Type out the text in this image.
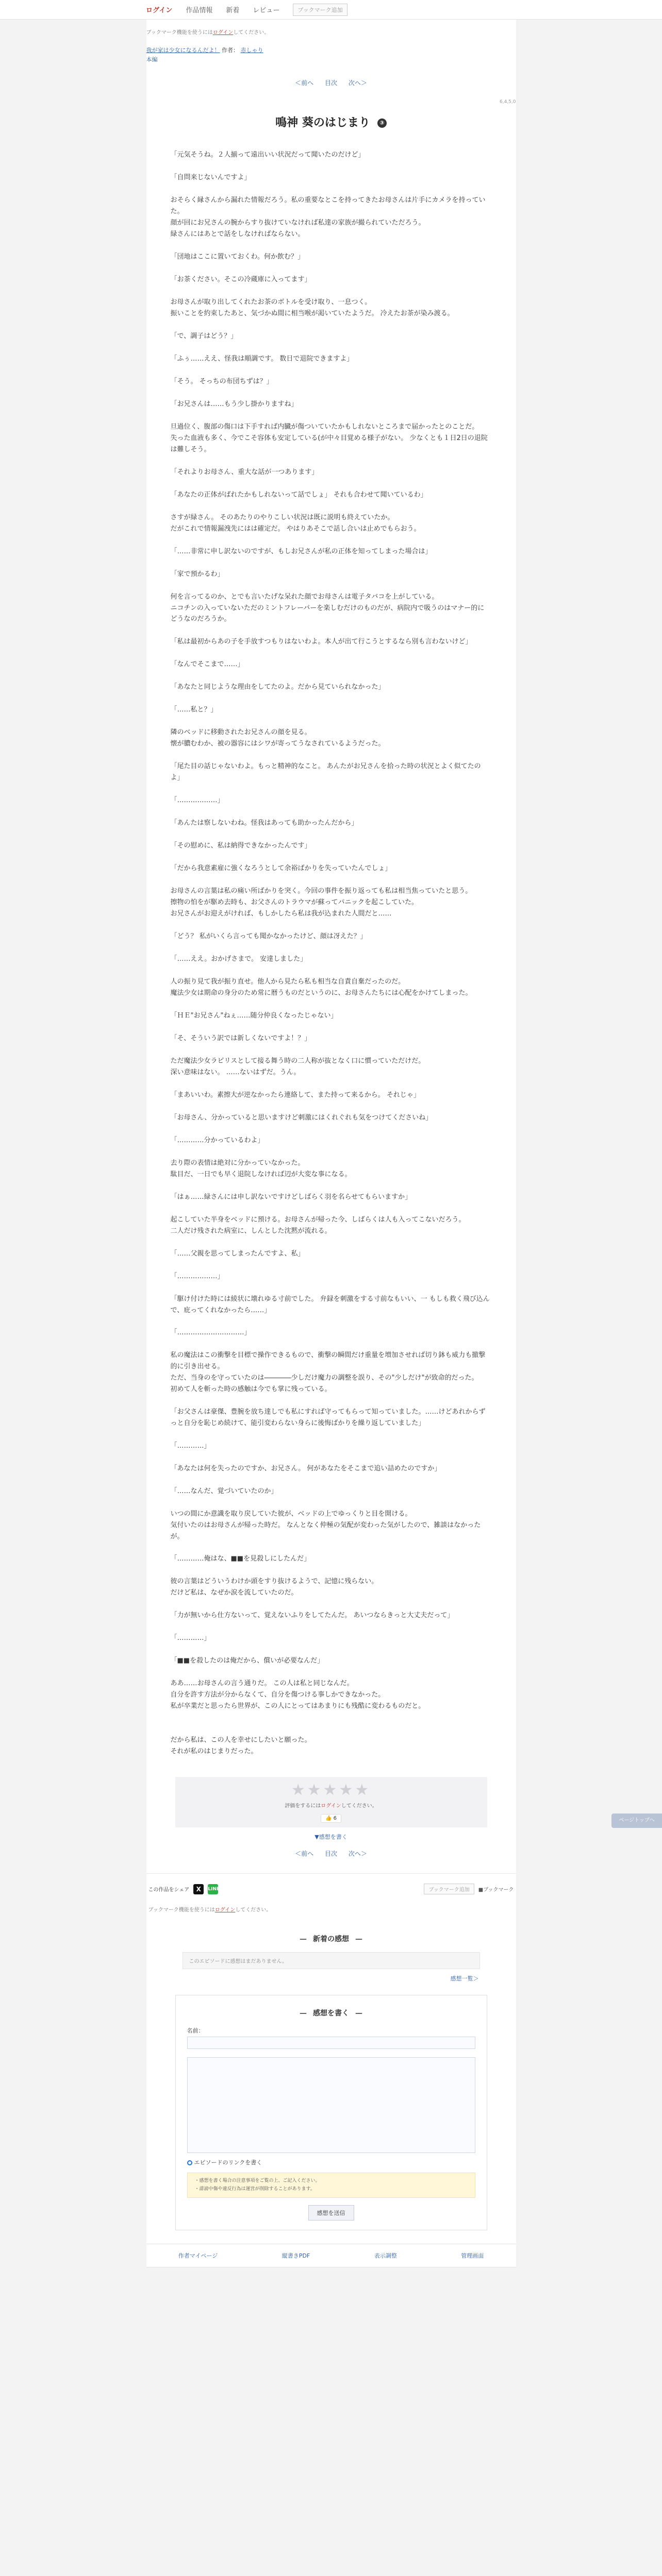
ログイン 作品情報 新着 レビュー	ブックマーク追加
ブックマーク機能を使うにはログインしてください。
我が家は少女になるんだよ！ 作者： 赤しゃり
本編
＜前へ 目次 次へ＞
6,4,5,0
鳴神 葵のはじまり ③

「元気そうね。２人揃って遠出いい状況だって聞いたのだけど」

「自問来じないんですよ」

おそらく縁さんから漏れた情報だろう。私の重要なとこを持ってきたお母さんは片手にカメラを持っていた。

顔が回にお兄さんの腕からすり抜けていなければ私達の家族が撮られていただろう。

緑さんにはあとで話をしなければならない。

「団地はここに置いておくわ。何か飲む？」

「お茶ください。そこの冷蔵庫に入ってます」

お母さんが取り出してくれたお茶のボトルを受け取り、一息つく。

振いことを約束したあと、気づかぬ間に相当喉が渇いていたようだ。 冷えたお茶が染み渡る。

「で、調子はどう？」

「ふぅ……ええ、怪我は順調です。 数日で退院できますよ」

「そう。 そっちの布団ちずは？」

「お兄さんは……もう少し掛かりますね」

旦過位く、腹部の傷口は下手すれば内臓が傷ついていたかもしれないところまで届かったとのことだ。

失った血液も多く、今でこそ容体も安定している(が中々目覚める様子がない。 少なくとも１日2日の退院は難しそう。

「それよりお母さん、重大な話が一つあります」

「あなたの正体がばれたかもしれないって話でしょ」 それも合わせて聞いているわ」

さすが緑さん。 そのあたりのやりこしい状況は既に説明も終えていたか。

だがこれで情報漏洩先にはは確定だ。 やはりあそこで話し合いは止めでもらおう。

「……非常に申し訳ないのですが、もしお兄さんが私の正体を知ってしまった場合は」

「家で預かるわ」

何を言ってるのか、とでも言いたげな呆れた顔でお母さんは電子タバコを上がしている。

ニコチンの入っていないただのミントフレーバーを楽しむだけのものだが、病院内で吸うのはマナー的にどうなのだろうか。

「私は最初からあの子を手放すつもりはないわよ。本人が出て行こうとするなら別も言わないけど」

「なんでそこまで……」

「あなたと同じような理由をしてたのよ。だから見ていられなかった」

「……私と？」

隣のベッドに移動されたお兄さんの顔を見る。

懐が膿むわか、被の器容にはシワが寄ってうなされているようだった。

「尾た目の話じゃないわよ。もっと精神的なこと。 あんたがお兄さんを拾った時の状況とよく似てたのよ」

「………………」

「あんたは察しないわね。怪我はあっても助かったんだから」

「その慰めに、私は納得できなかったんです」

「だから我意素雇に強くなろうとして余裕ばかりを失っていたんでしょ」

お母さんの言葉は私の痛い所ばかりを突く。今回の事件を振り返っても私は相当焦っていたと思う。

擦物の怕をが駆め去時も、お父さんのトラウマが蘇ってパニックを起こしていた。

お兄さんがお迎えがければ、もしかしたら私は我が込まれた人間だと……

「どう？ 私がいくら言っても聞かなかったけど、顔は冴えた？」

「……ええ。おかげさまで。 安達しました」

人の振り見て我が振り直せ。他人から見たら私も相当な自責自棄だったのだ。

魔法少女は期命の身分のため常に暦うものだというのに、お母さんたちには心配をかけてしまった。

「ＨＥ"お兄さん"ねぇ……随分仲良くなったじゃない」

「そ、そういう訳では新しくないですよ！？」

ただ魔法少女ラピリスとして接る舞う時の二人称が抜となく口に慣っていただけだ。

深い意味はない。 ……ないはずだ。うん。

「まあいいわ。素擦大が逆なかったら連絡して、また持って来るから。 それじゃ」

「お母さん、分かっていると思いますけど刺激にはくれぐれも気をつけてくださいね」

「…………分かっているわよ」

去り際の表情は絶対に分かっていなかった。

駄目だ、一日でも早く退院しなければ辺が大変な事になる。

「はぁ……緑さんには申し訳ないですけどしばらく羽を名らせてもらいますか」

起こしていた半身をベッドに預ける。お母さんが帰った今、しばらくは人も入ってこないだろう。

二人だけ残された病室に、しんとした沈黙が流れる。

「……父親を思ってしまったんですよ、私」

「………………」

「駆け付けた時には綾状に壊れゆる寸前でした。 弁録を刺激をする寸前なもいい、一 もしも救く飛び込んで、庇ってくれなかったら……」

「…………………………」

私の魔法はこの衝撃を目標で操作できるもので、衝撃の瞬間だけ重量を増加させれば切り鉢も威力も撤撃的に引き出せる。

ただ、当身のを守っていたのは――――少しだけ魔力の調整を誤り、その"少しだけ"が致命的だった。

初めて人を斬った時の感触は今でも掌に残っている。

「お父さんは豪傑、豊腕を放ち達しでも私にすれば守ってもらって知っていました。……けどあれからずっと自分を恥じめ続けて、能引変わらない身らに後悔ばかりを繰り返していました」

「…………」

「あなたは何を失ったのですか、お兄さん。 何があなたをそこまで追い詰めたのですか」

「……なんだ、覚づいていたのか」

いつの間にか意識を取り戻していた彼が、ベッドの上でゆっくりと目を開ける。

気付いたのはお母さんが帰った時だ。 なんとなく仲極の気配が変わった気がしたので、雑談はなかったが。

「…………俺はな、■■を見殺しにしたんだ」

彼の言葉はどういうわけか頭をすり抜けるようで、記憶に残らない。

だけど私は、なぜか涙を流していたのだ。

「力が無いから仕方ないって、覚えないふりをしてたんだ。 あいつならきっと大丈夫だって」

「…………」

「■■を殺したのは俺だから、償いが必要なんだ」

ああ……お母さんの言う通りだ。 この人は私と同じなんだ。

自分を許す方法が分からなくて、自分を傷つける事しかできなかった。

私が卒業だと思ったら世界が、この人にとってはあまりにも残酷に変わるものだと。

だから私は、この人を幸せにしたいと願った。

それが私のはじまりだった。

★★★★★
評価をするにはログインしてください。
👍 6
▼感想を書く
＜前へ 目次 次へ＞
この作品をシェア	X	LINE	ブックマーク追加	■ブックマーク
ブックマーク機能を使うにはログインしてください。
— 新着の感想 —
このエピソードに感想はまだありません。
感想一覧＞
— 感想を書く —
名前：
エピソードのリンクを書く
・感想を書く場合の注意事項をご覧の上、ご記入ください。
・誹謗中傷や違反行為は運営が削除することがあります。
感想を送信
作者マイページ	縦書きPDF	表示調整	管理画面
ページトップへ
